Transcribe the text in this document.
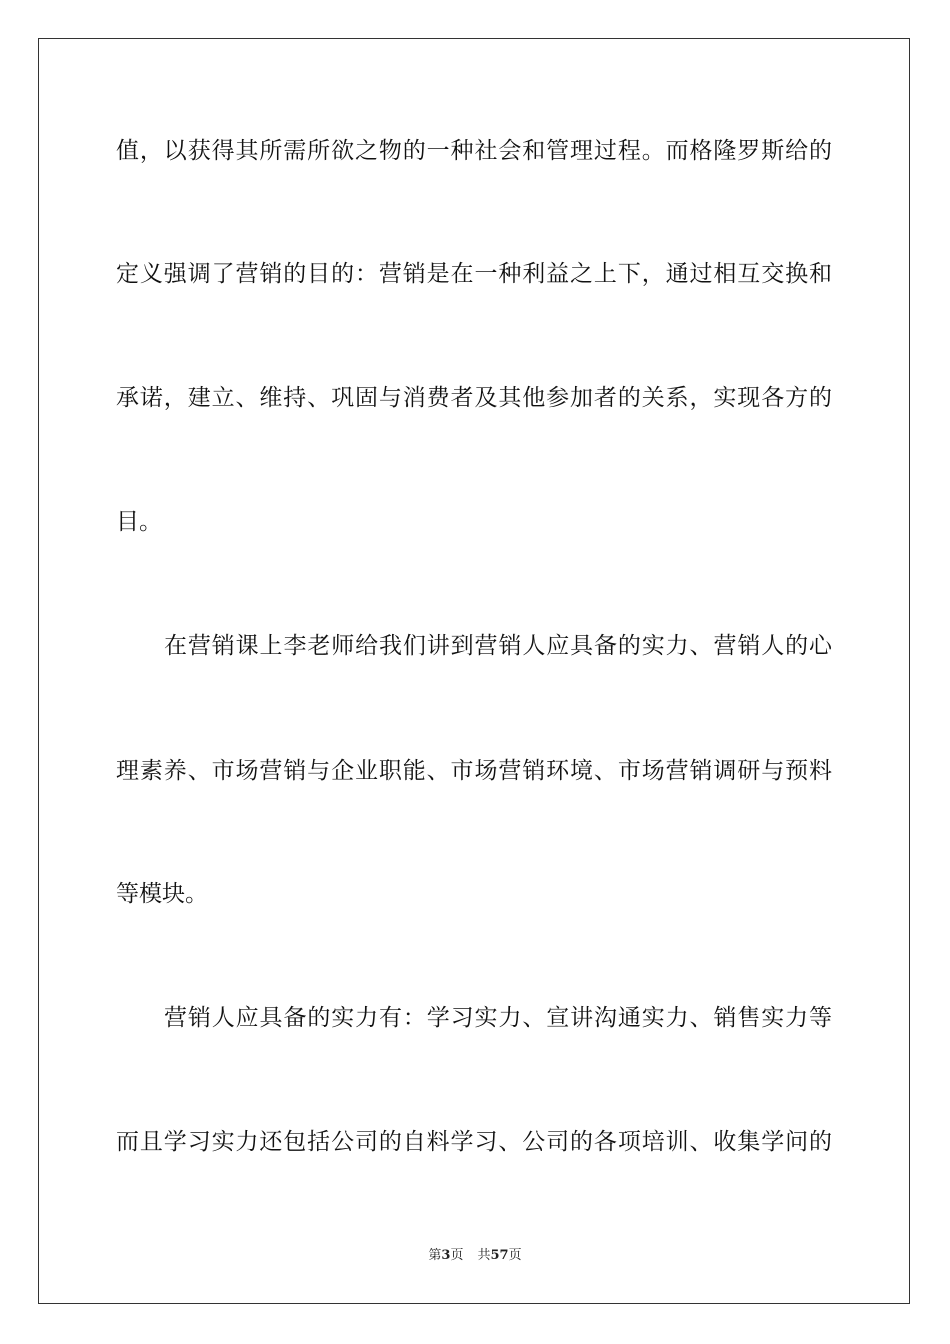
值，以获得其所需所欲之物的一种社会和管理过程。而格隆罗斯给的
定义强调了营销的目的：营销是在一种利益之上下，通过相互交换和
承诺，建立、维持、巩固与消费者及其他参加者的关系，实现各方的
目。
在营销课上李老师给我们讲到营销人应具备的实力、营销人的心
理素养、市场营销与企业职能、市场营销环境、市场营销调研与预料
等模块。
营销人应具备的实力有：学习实力、宣讲沟通实力、销售实力等
而且学习实力还包括公司的自料学习、公司的各项培训、收集学问的
第3页 共57页
